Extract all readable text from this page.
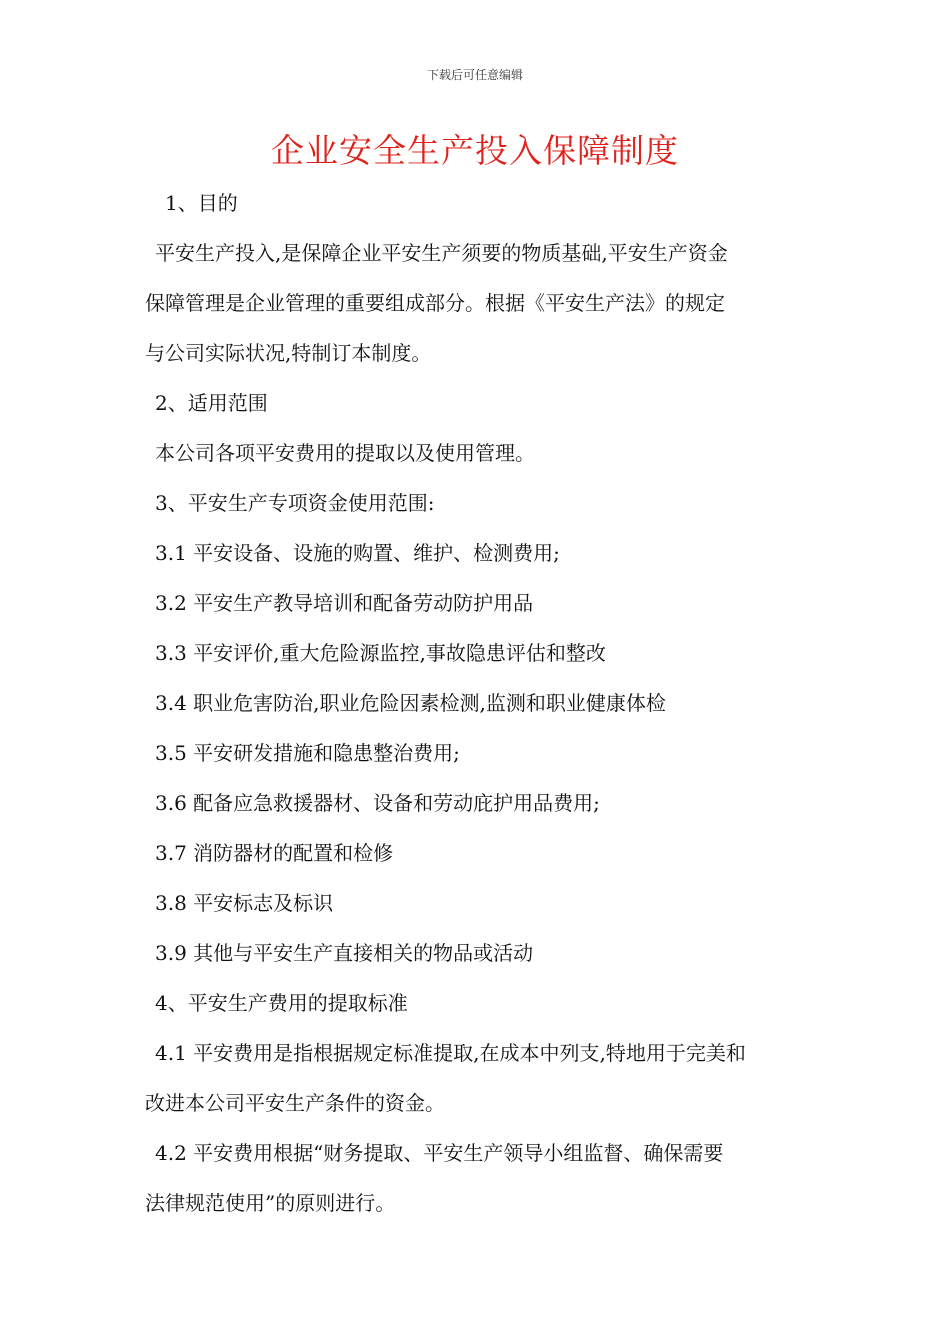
下载后可任意编辑
企业安全生产投入保障制度

1、目的

平安生产投入,是保障企业平安生产须要的物质基础,平安生产资金

保障管理是企业管理的重要组成部分。根据《平安生产法》的规定

与公司实际状况,特制订本制度。

2、适用范围

本公司各项平安费用的提取以及使用管理。

3、平安生产专项资金使用范围:

3.1 平安设备、设施的购置、维护、检测费用;

3.2 平安生产教导培训和配备劳动防护用品

3.3 平安评价,重大危险源监控,事故隐患评估和整改

3.4 职业危害防治,职业危险因素检测,监测和职业健康体检

3.5 平安研发措施和隐患整治费用;

3.6 配备应急救援器材、设备和劳动庇护用品费用;

3.7 消防器材的配置和检修

3.8 平安标志及标识

3.9 其他与平安生产直接相关的物品或活动

4、平安生产费用的提取标准

4.1 平安费用是指根据规定标准提取,在成本中列支,特地用于完美和

改进本公司平安生产条件的资金。

4.2 平安费用根据“财务提取、平安生产领导小组监督、确保需要

法律规范使用”的原则进行。
